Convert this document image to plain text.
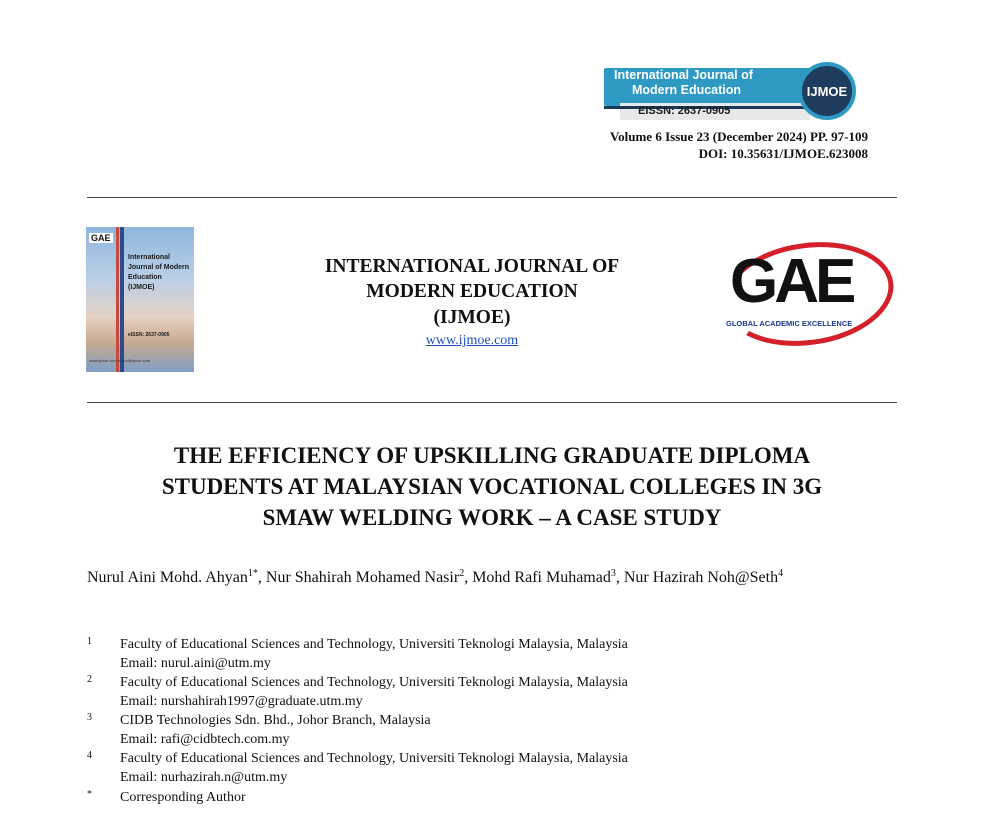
International Journal of
Modern Education
EISSN: 2637-0905
IJMOE
Volume 6 Issue 23 (December 2024) PP. 97-109
DOI: 10.35631/IJMOE.623008
GAE
International Journal of Modern Education (IJMOE)
eISSN: 2637-0905
www.ijmoe.com editor@ijmoe.com
INTERNATIONAL JOURNAL OF
MODERN EDUCATION
(IJMOE)
www.ijmoe.com
GAE
GLOBAL ACADEMIC EXCELLENCE
THE EFFICIENCY OF UPSKILLING GRADUATE DIPLOMA
STUDENTS AT MALAYSIAN VOCATIONAL COLLEGES IN 3G
SMAW WELDING WORK – A CASE STUDY
Nurul Aini Mohd. Ahyan$^{1*}$, Nur Shahirah Mohamed Nasir$^2$, Mohd Rafi Muhamad$^3$, Nur Hazirah Noh@Seth$^4$
1 Faculty of Educational Sciences and Technology, Universiti Teknologi Malaysia, Malaysia
Email: nurul.aini@utm.my
2 Faculty of Educational Sciences and Technology, Universiti Teknologi Malaysia, Malaysia
Email: nurshahirah1997@graduate.utm.my
3 CIDB Technologies Sdn. Bhd., Johor Branch, Malaysia
Email: rafi@cidbtech.com.my
4 Faculty of Educational Sciences and Technology, Universiti Teknologi Malaysia, Malaysia
Email: nurhazirah.n@utm.my
* Corresponding Author
